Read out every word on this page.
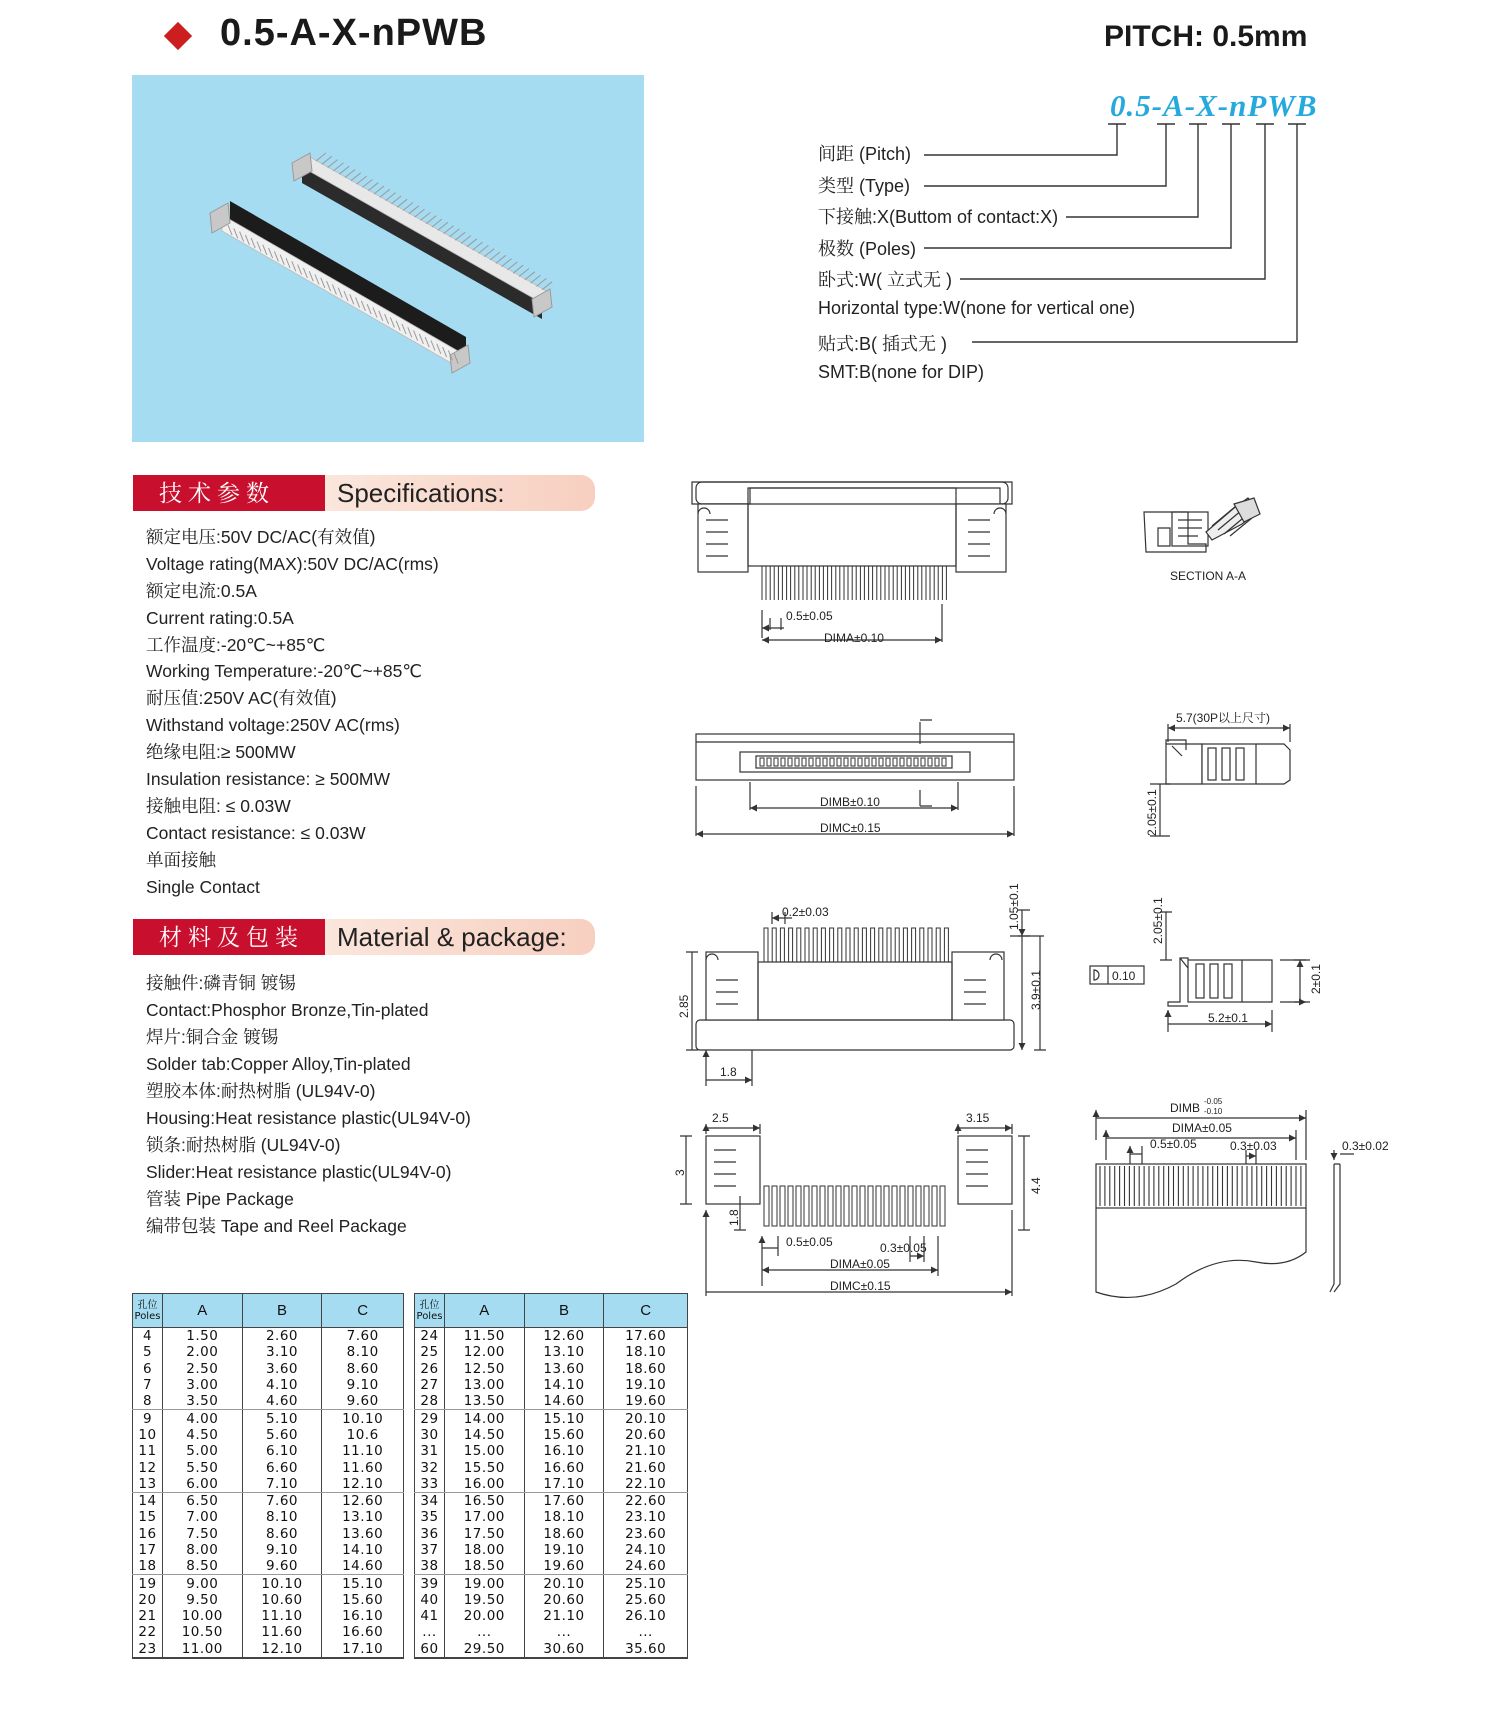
0.5-A-X-nPWB	PITCH: 0.5mm
0.5-A-X-nPWB
间距 (Pitch)
类型 (Type)
下接触:X(Buttom of contact:X)
极数 (Poles)
卧式:W( 立式无 )
Horizontal type:W(none for vertical one)
贴式:B( 插式无 )
SMT:B(none for DIP)
技术参数	Specifications:
额定电压:50V DC/AC(有效值)
Voltage rating(MAX):50V DC/AC(rms)
额定电流:0.5A
Current rating:0.5A
工作温度:-20℃~+85℃
Working Temperature:-20℃~+85℃
耐压值:250V AC(有效值)
Withstand voltage:250V AC(rms)
绝缘电阻:≥ 500MW
Insulation resistance: ≥ 500MW
接触电阻: ≤ 0.03W
Contact resistance: ≤ 0.03W
单面接触
Single Contact
材料及包装	Material & package:
接触件:磷青铜 镀锡
Contact:Phosphor Bronze,Tin-plated
焊片:铜合金 镀锡
Solder tab:Copper Alloy,Tin-plated
塑胶本体:耐热树脂 (UL94V-0)
Housing:Heat resistance plastic(UL94V-0)
锁条:耐热树脂 (UL94V-0)
Slider:Heat resistance plastic(UL94V-0)
管装 Pipe Package
编带包装 Tape and Reel Package
孔位
Poles	A	B	C
4	1.50	2.60	7.60
5	2.00	3.10	8.10
6	2.50	3.60	8.60
7	3.00	4.10	9.10
8	3.50	4.60	9.60
9	4.00	5.10	10.10
10	4.50	5.60	10.6
11	5.00	6.10	11.10
12	5.50	6.60	11.60
13	6.00	7.10	12.10
14	6.50	7.60	12.60
15	7.00	8.10	13.10
16	7.50	8.60	13.60
17	8.00	9.10	14.10
18	8.50	9.60	14.60
19	9.00	10.10	15.10
20	9.50	10.60	15.60
21	10.00	11.10	16.10
22	10.50	11.60	16.60
23	11.00	12.10	17.10
孔位
Poles	A	B	C
24	11.50	12.60	17.60
25	12.00	13.10	18.10
26	12.50	13.60	18.60
27	13.00	14.10	19.10
28	13.50	14.60	19.60
29	14.00	15.10	20.10
30	14.50	15.60	20.60
31	15.00	16.10	21.10
32	15.50	16.60	21.60
33	16.00	17.10	22.10
34	16.50	17.60	22.60
35	17.00	18.10	23.10
36	17.50	18.60	23.60
37	18.00	19.10	24.10
38	18.50	19.60	24.60
39	19.00	20.10	25.10
40	19.50	20.60	25.60
41	20.00	21.10	26.10
...	...	...	...
60	29.50	30.60	35.60
SECTION A-A
0.5±0.05
DIMA±0.10
DIMB±0.10
DIMC±0.15
5.7(30P以上尺寸)
2.05±0.1
0.2±0.03	1.05±0.1
2.85	3.9±0.1
1.8
2.05±0.1
2±0.1
5.2±0.1
0.10
2.5	3.15
3
4.4
1.8
0.5±0.05	0.3±0.05
DIMA±0.05
DIMC±0.15
DIMB -0.05
-0.10
DIMA±0.05
0.5±0.05	0.3±0.03	0.3±0.02
